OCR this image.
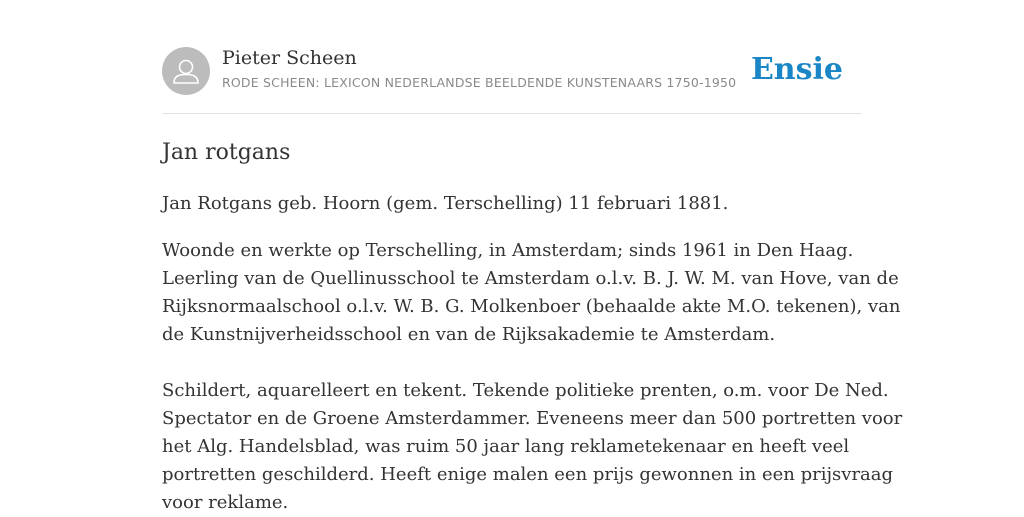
Pieter Scheen
RODE SCHEEN: LEXICON NEDERLANDSE BEELDENDE KUNSTENAARS 1750-1950 Ensie
Jan rotgans

Jan Rotgans geb. Hoorn (gem. Terschelling) 11 februari 1881.

Woonde en werkte op Terschelling, in Amsterdam; sinds 1961 in Den Haag.

Leerling van de Quellinusschool te Amsterdam o.l.v. B. J. W. M. van Hove, van de

Rijksnormaalschool o.l.v. W. B. G. Molkenboer (behaalde akte M.O. tekenen), van

de Kunstnijverheidsschool en van de Rijksakademie te Amsterdam.

Schildert, aquarelleert en tekent. Tekende politieke prenten, o.m. voor De Ned.

Spectator en de Groene Amsterdammer. Eveneens meer dan 500 portretten voor

het Alg. Handelsblad, was ruim 50 jaar lang reklametekenaar en heeft veel

portretten geschilderd. Heeft enige malen een prijs gewonnen in een prijsvraag

voor reklame.
